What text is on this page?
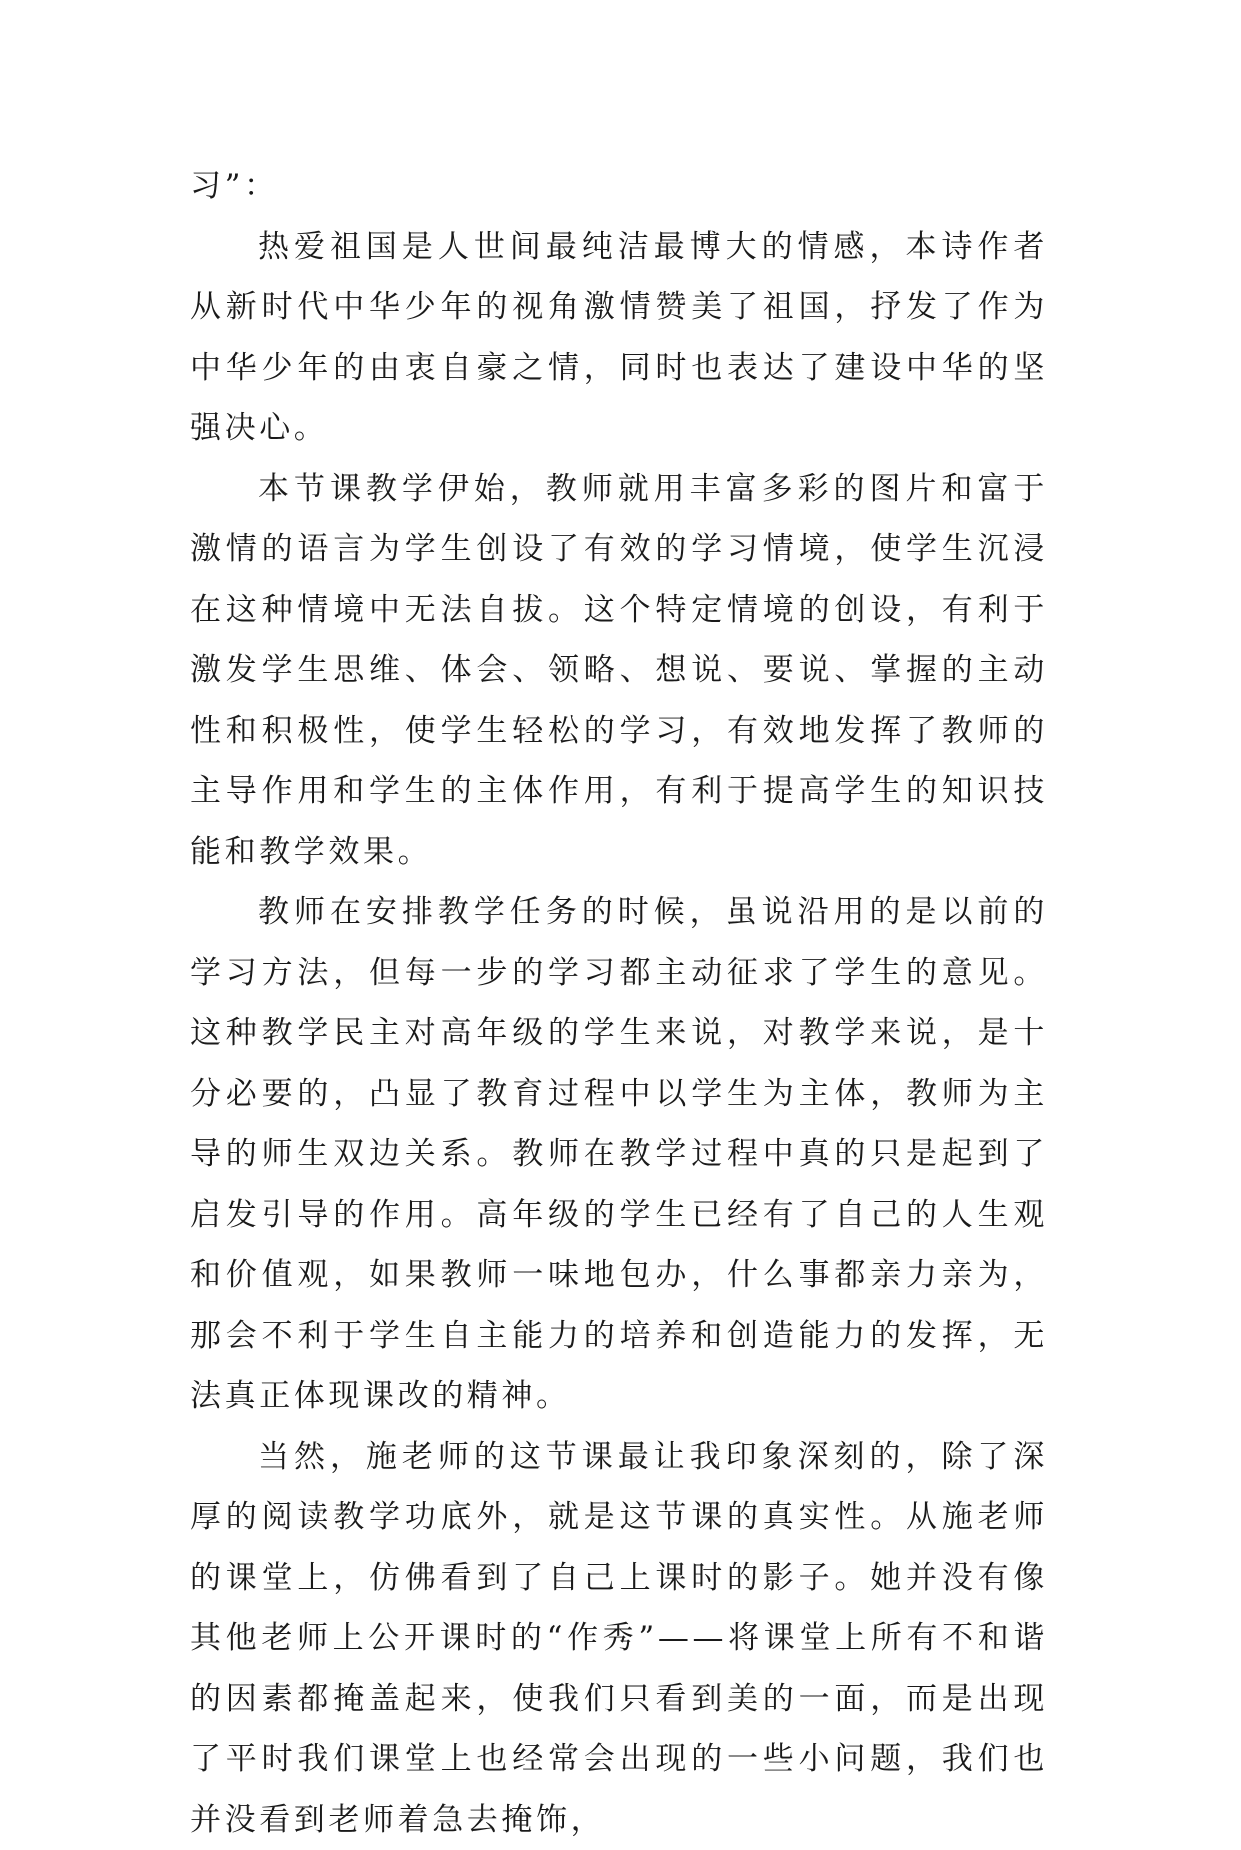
习”：

热爱祖国是人世间最纯洁最博大的情感，本诗作者从新时代中华少年的视角激情赞美了祖国，抒发了作为中华少年的由衷自豪之情，同时也表达了建设中华的坚强决心。

本节课教学伊始，教师就用丰富多彩的图片和富于激情的语言为学生创设了有效的学习情境，使学生沉浸在这种情境中无法自拔。这个特定情境的创设，有利于激发学生思维、体会、领略、想说、要说、掌握的主动性和积极性，使学生轻松的学习，有效地发挥了教师的主导作用和学生的主体作用，有利于提高学生的知识技能和教学效果。

教师在安排教学任务的时候，虽说沿用的是以前的学习方法，但每一步的学习都主动征求了学生的意见。这种教学民主对高年级的学生来说，对教学来说，是十分必要的，凸显了教育过程中以学生为主体，教师为主导的师生双边关系。教师在教学过程中真的只是起到了启发引导的作用。高年级的学生已经有了自己的人生观和价值观，如果教师一味地包办，什么事都亲力亲为，那会不利于学生自主能力的培养和创造能力的发挥，无法真正体现课改的精神。

当然，施老师的这节课最让我印象深刻的，除了深厚的阅读教学功底外，就是这节课的真实性。从施老师的课堂上，仿佛看到了自己上课时的影子。她并没有像其他老师上公开课时的“作秀”——将课堂上所有不和谐的因素都掩盖起来，使我们只看到美的一面，而是出现了平时我们课堂上也经常会出现的一些小问题，我们也并没看到老师着急去掩饰，
